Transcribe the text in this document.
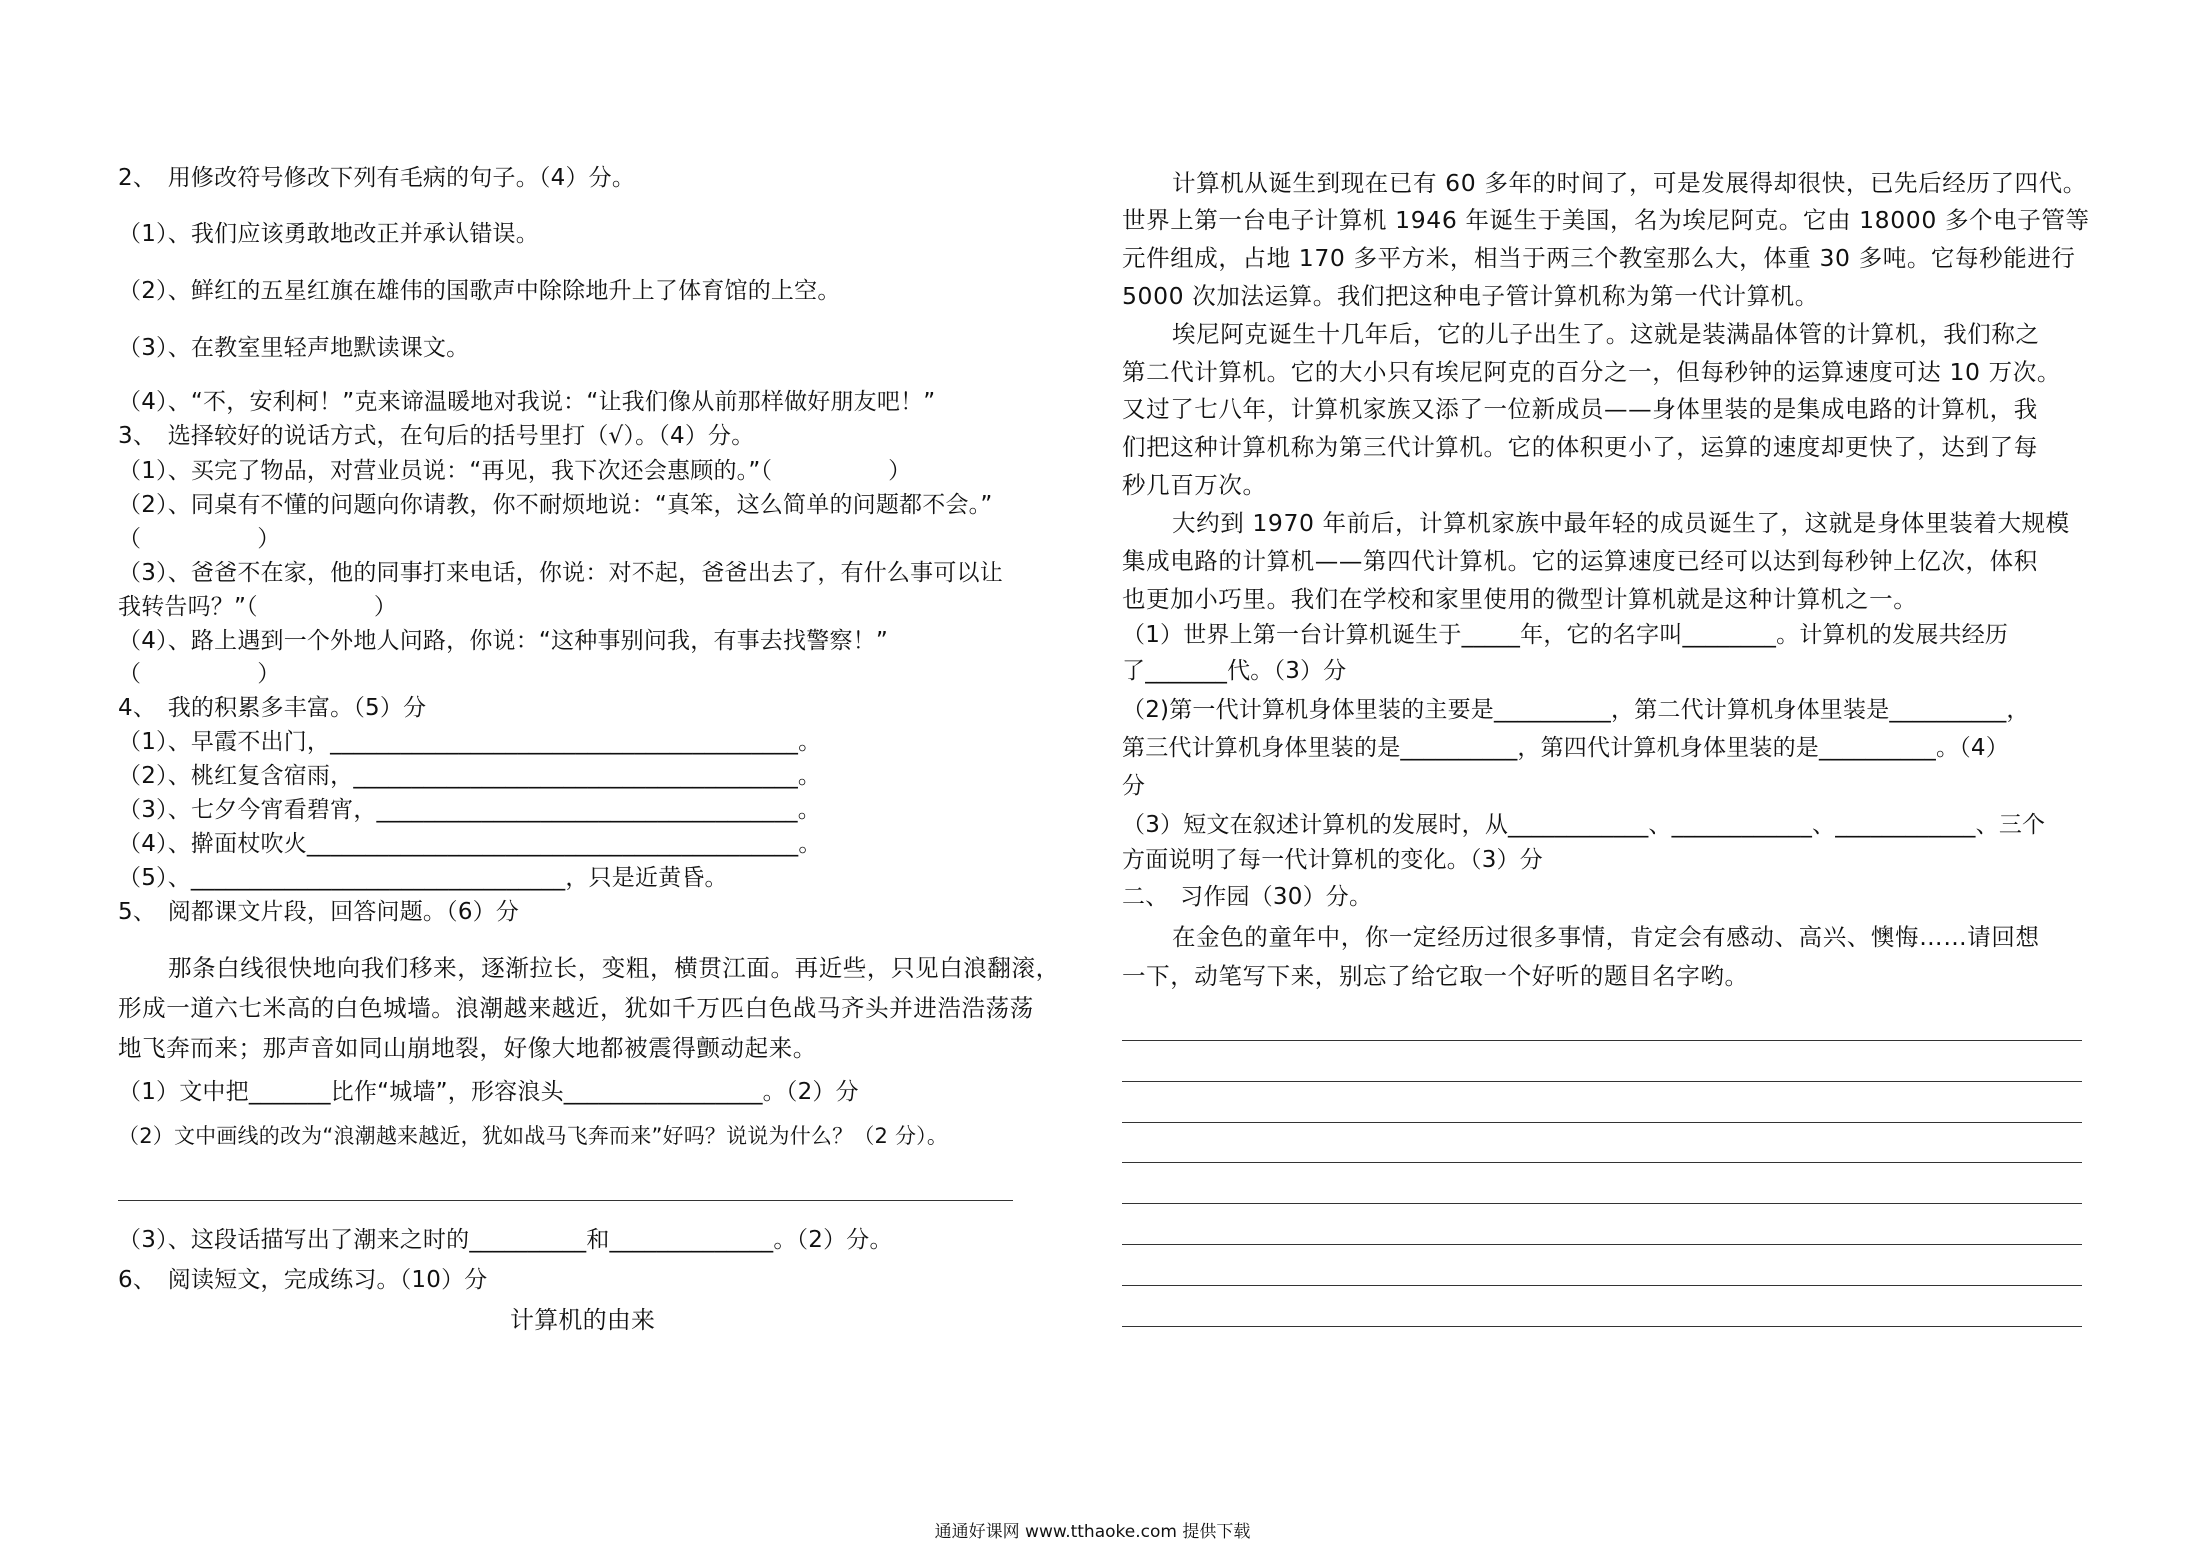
2、　用修改符号修改下列有毛病的句子。（4）分。
（1）、我们应该勇敢地改正并承认错误。
（2）、鲜红的五星红旗在雄伟的国歌声中除除地升上了体育馆的上空。
（3）、在教室里轻声地默读课文。
（4）、“不，安利柯！”克来谛温暖地对我说：“让我们像从前那样做好朋友吧！”
3、　选择较好的说话方式，在句后的括号里打（√）。（4）分。
（1）、买完了物品，对营业员说：“再见，我下次还会惠顾的。”（　　　　　）
（2）、同桌有不懂的问题向你请教，你不耐烦地说：“真笨，这么简单的问题都不会。”
（　　　　　）
（3）、爸爸不在家，他的同事打来电话，你说：对不起，爸爸出去了，有什么事可以让
我转告吗？”（　　　　　）
（4）、路上遇到一个外地人问路，你说：“这种事别问我，有事去找警察！”
（　　　　　）
4、　我的积累多丰富。（5）分
（1）、早霞不出门，________________________________________。
（2）、桃红复含宿雨，______________________________________。
（3）、七夕今宵看碧宵，____________________________________。
（4）、擀面杖吹火__________________________________________。
（5）、________________________________，只是近黄昏。
5、　阅都课文片段，回答问题。（6）分
那条白线很快地向我们移来，逐渐拉长，变粗，横贯江面。再近些，只见白浪翻滚，
形成一道六七米高的白色城墙。浪潮越来越近，犹如千万匹白色战马齐头并进浩浩荡荡
地飞奔而来；那声音如同山崩地裂，好像大地都被震得颤动起来。
（1）文中把_______比作“城墙”，形容浪头_________________。（2）分
（2）文中画线的改为“浪潮越来越近，犹如战马飞奔而来”好吗？说说为什么？（2 分）。
（3）、这段话描写出了潮来之时的__________和______________。（2）分。
6、　阅读短文，完成练习。（10）分
计算机的由来
计算机从诞生到现在已有 60 多年的时间了，可是发展得却很快，已先后经历了四代。
世界上第一台电子计算机 1946 年诞生于美国，名为埃尼阿克。它由 18000 多个电子管等
元件组成，占地 170 多平方米，相当于两三个教室那么大，体重 30 多吨。它每秒能进行
5000 次加法运算。我们把这种电子管计算机称为第一代计算机。
埃尼阿克诞生十几年后，它的儿子出生了。这就是装满晶体管的计算机，我们称之
第二代计算机。它的大小只有埃尼阿克的百分之一，但每秒钟的运算速度可达 10 万次。
又过了七八年，计算机家族又添了一位新成员——身体里装的是集成电路的计算机，我
们把这种计算机称为第三代计算机。它的体积更小了，运算的速度却更快了，达到了每
秒几百万次。
大约到 1970 年前后，计算机家族中最年轻的成员诞生了，这就是身体里装着大规模
集成电路的计算机——第四代计算机。它的运算速度已经可以达到每秒钟上亿次，体积
也更加小巧里。我们在学校和家里使用的微型计算机就是这种计算机之一。
（1）世界上第一台计算机诞生于_____年，它的名字叫________。计算机的发展共经历
了_______代。（3）分
（2)第一代计算机身体里装的主要是__________，第二代计算机身体里装是__________，
第三代计算机身体里装的是__________，第四代计算机身体里装的是__________。（4）
分
（3）短文在叙述计算机的发展时，从____________、____________、____________、三个
方面说明了每一代计算机的变化。（3）分
二、　习作园（30）分。
在金色的童年中，你一定经历过很多事情，肯定会有感动、高兴、懊悔……请回想
一下，动笔写下来，别忘了给它取一个好听的题目名字哟。
通通好课网 www.tthaoke.com 提供下载
